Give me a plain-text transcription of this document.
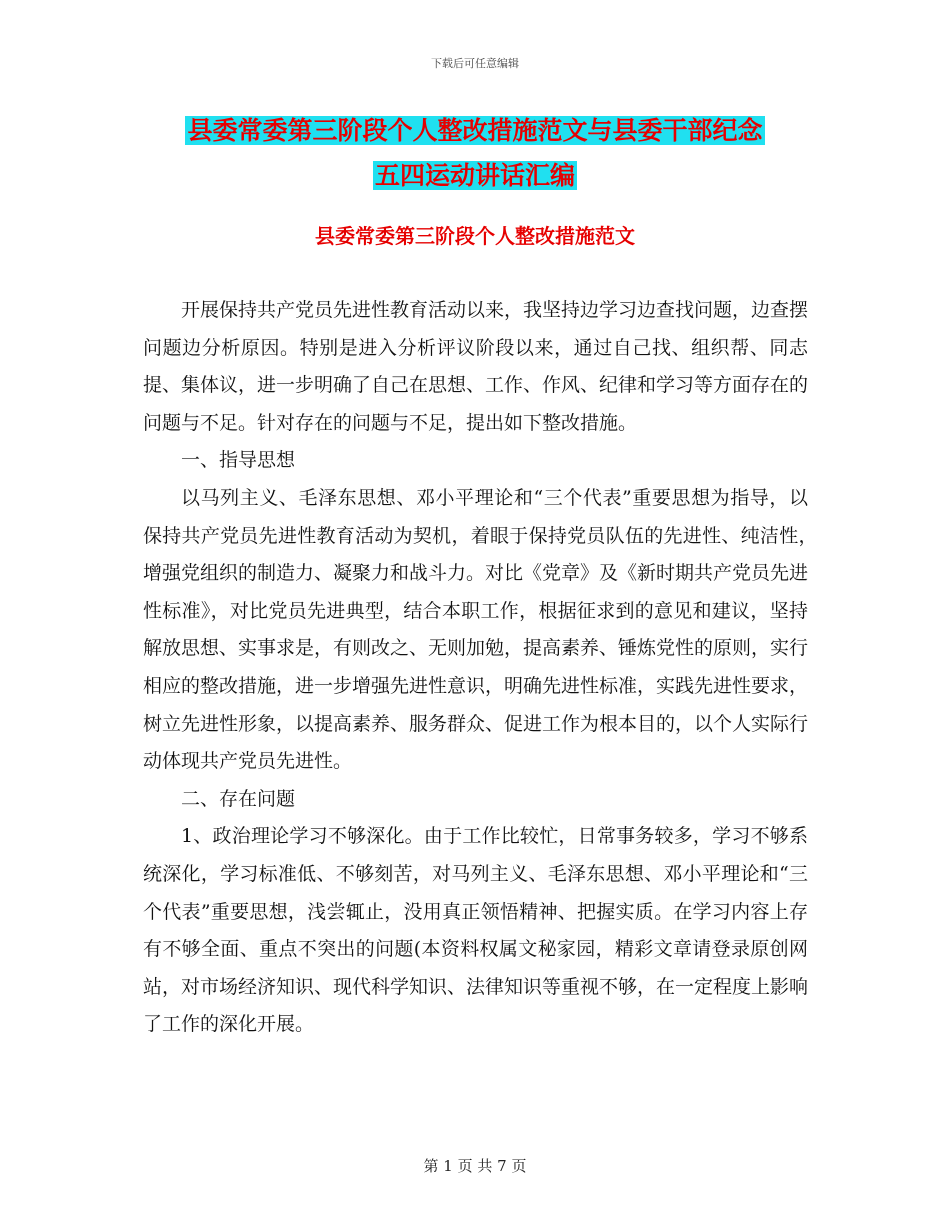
下载后可任意编辑
县委常委第三阶段个人整改措施范文与县委干部纪念
五四运动讲话汇编
县委常委第三阶段个人整改措施范文

开展保持共产党员先进性教育活动以来，我坚持边学习边查找问题，边查摆问题边分析原因。特别是进入分析评议阶段以来，通过自己找、组织帮、同志提、集体议，进一步明确了自己在思想、工作、作风、纪律和学习等方面存在的问题与不足。针对存在的问题与不足，提出如下整改措施。

一、指导思想

以马列主义、毛泽东思想、邓小平理论和“三个代表”重要思想为指导，以保持共产党员先进性教育活动为契机，着眼于保持党员队伍的先进性、纯洁性，　增强党组织的制造力、凝聚力和战斗力。对比《党章》及《新时期共产党员先进性标准》，对比党员先进典型，结合本职工作，根据征求到的意见和建议，坚持解放思想、实事求是，有则改之、无则加勉，提高素养、锤炼党性的原则，实行相应的整改措施，进一步增强先进性意识，明确先进性标准，实践先进性要求，树立先进性形象，以提高素养、服务群众、促进工作为根本目的，以个人实际行动体现共产党员先进性。

二、存在问题

1、政治理论学习不够深化。由于工作比较忙，日常事务较多，学习不够系统深化，学习标准低、不够刻苦，对马列主义、毛泽东思想、邓小平理论和“三个代表”重要思想，浅尝辄止，没用真正领悟精神、把握实质。在学习内容上存有不够全面、重点不突出的问题(本资料权属文秘家园，精彩文章请登录原创网站，对市场经济知识、现代科学知识、法律知识等重视不够，在一定程度上影响了工作的深化开展。

第 1 页 共 7 页
